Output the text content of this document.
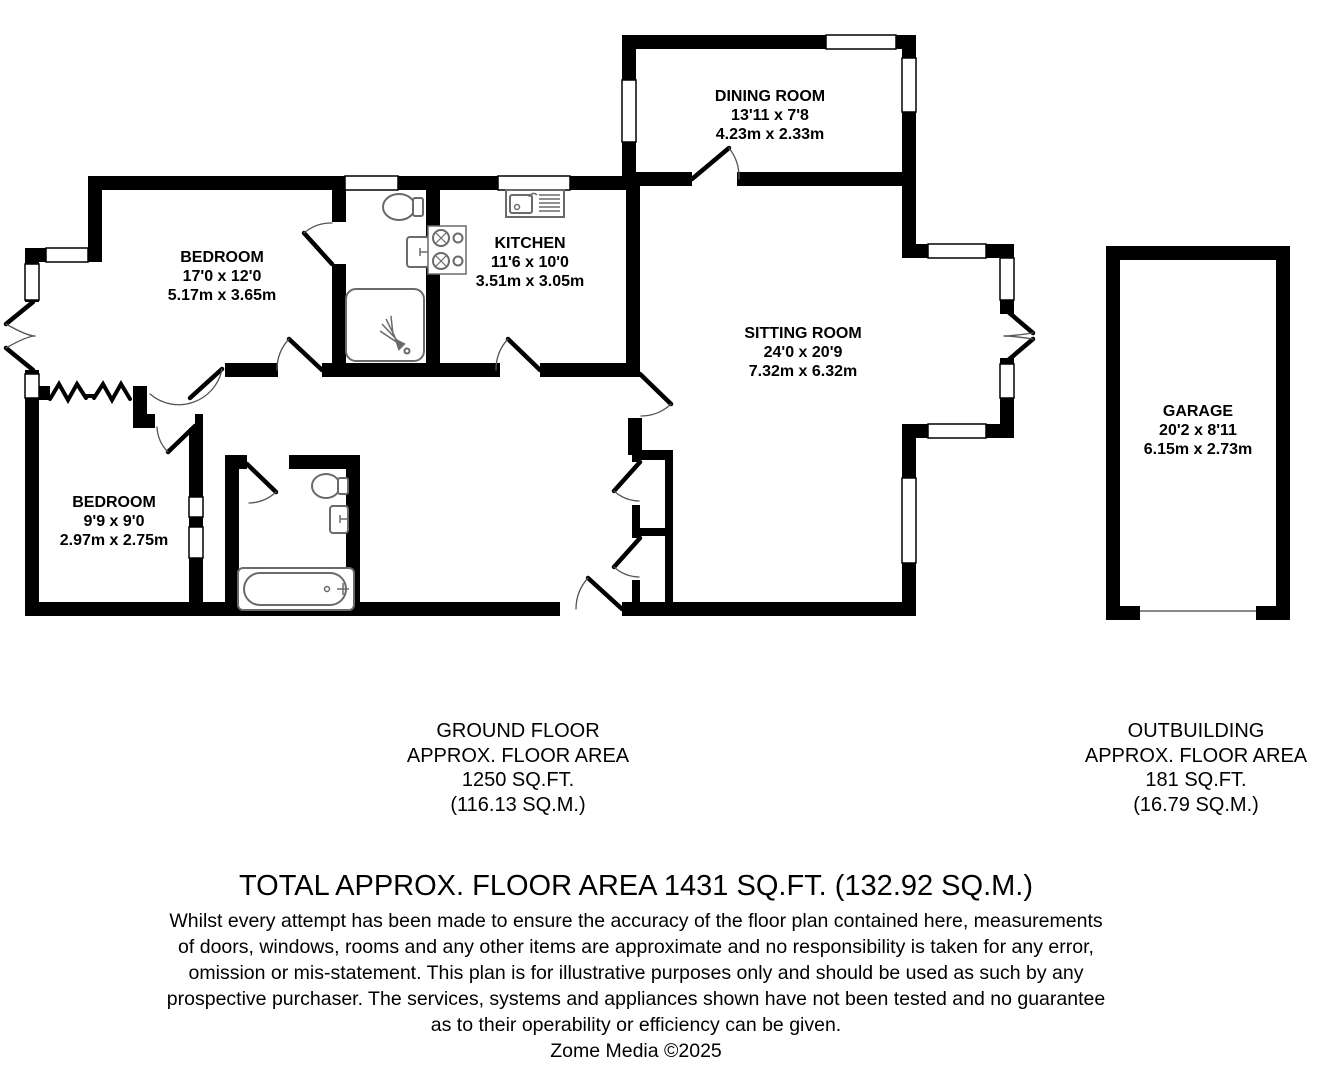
DINING ROOM
13'11 x 7'8
4.23m x 2.33m
BEDROOM
17'0 x 12'0
5.17m x 3.65m
KITCHEN
11'6 x 10'0
3.51m x 3.05m
SITTING ROOM
24'0 x 20'9
7.32m x 6.32m
BEDROOM
9'9 x 9'0
2.97m x 2.75m
GARAGE
20'2 x 8'11
6.15m x 2.73m
GROUND FLOOR
APPROX. FLOOR AREA
1250 SQ.FT.
(116.13 SQ.M.)
OUTBUILDING
APPROX. FLOOR AREA
181 SQ.FT.
(16.79 SQ.M.)
TOTAL APPROX. FLOOR AREA 1431 SQ.FT. (132.92 SQ.M.)
Whilst every attempt has been made to ensure the accuracy of the floor plan contained here, measurements
of doors, windows, rooms and any other items are approximate and no responsibility is taken for any error,
omission or mis-statement. This plan is for illustrative purposes only and should be used as such by any
prospective purchaser. The services, systems and appliances shown have not been tested and no guarantee
as to their operability or efficiency can be given.
Zome Media ©2025
